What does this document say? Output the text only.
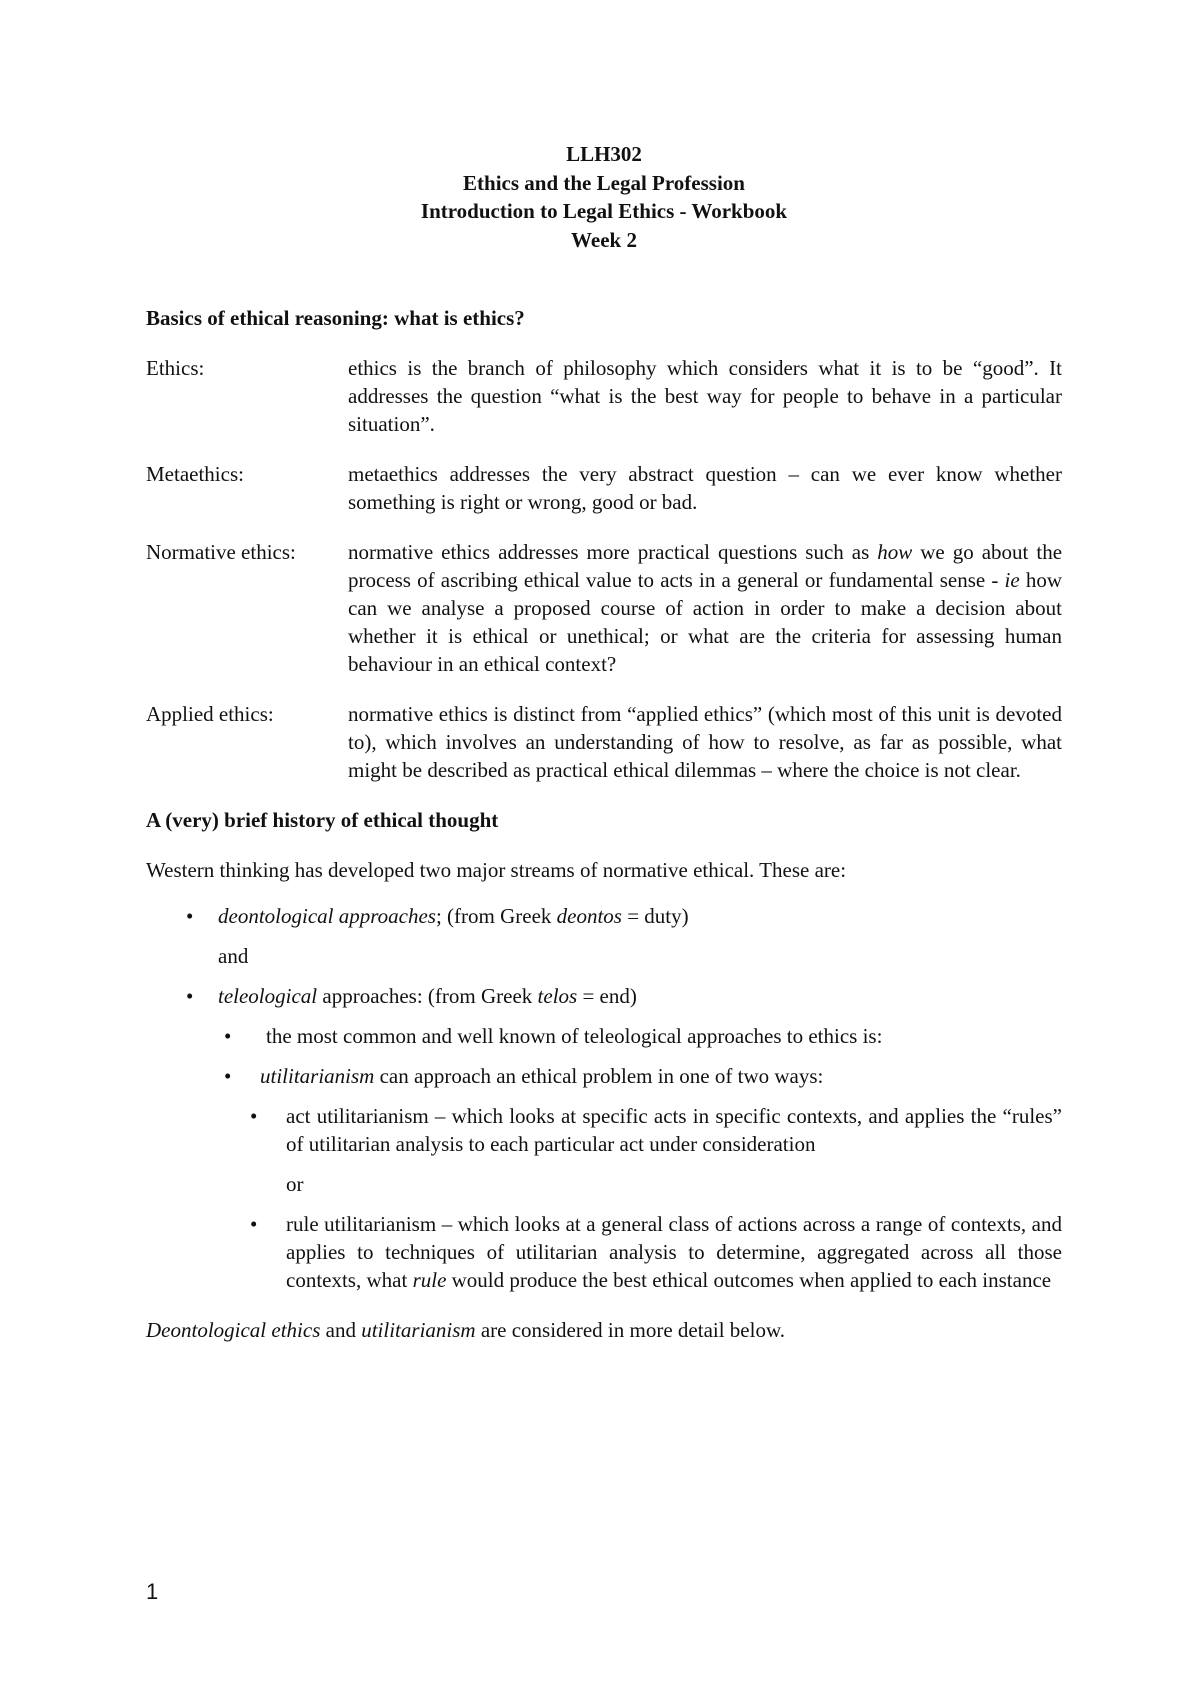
LLH302
Ethics and the Legal Profession
Introduction to Legal Ethics - Workbook
Week 2
Basics of ethical reasoning: what is ethics?
Ethics:	ethics is the branch of philosophy which considers what it is to be “good”. It addresses the question “what is the best way for people to behave in a particular situation”.
Metaethics:	metaethics addresses the very abstract question – can we ever know whether something is right or wrong, good or bad.
Normative ethics:	normative ethics addresses more practical questions such as how we go about the process of ascribing ethical value to acts in a general or fundamental sense - ie how can we analyse a proposed course of action in order to make a decision about whether it is ethical or unethical; or what are the criteria for assessing human behaviour in an ethical context?
Applied ethics:	normative ethics is distinct from “applied ethics” (which most of this unit is devoted to), which involves an understanding of how to resolve, as far as possible, what might be described as practical ethical dilemmas – where the choice is not clear.
A (very) brief history of ethical thought
Western thinking has developed two major streams of normative ethical. These are:
•	deontological approaches; (from Greek deontos = duty)
and
•	teleological approaches: (from Greek telos = end)
•	the most common and well known of teleological approaches to ethics is:
•	utilitarianism can approach an ethical problem in one of two ways:
•	act utilitarianism – which looks at specific acts in specific contexts, and applies the “rules” of utilitarian analysis to each particular act under consideration
or
•	rule utilitarianism – which looks at a general class of actions across a range of contexts, and applies to techniques of utilitarian analysis to determine, aggregated across all those contexts, what rule would produce the best ethical outcomes when applied to each instance
Deontological ethics and utilitarianism are considered in more detail below.
1
